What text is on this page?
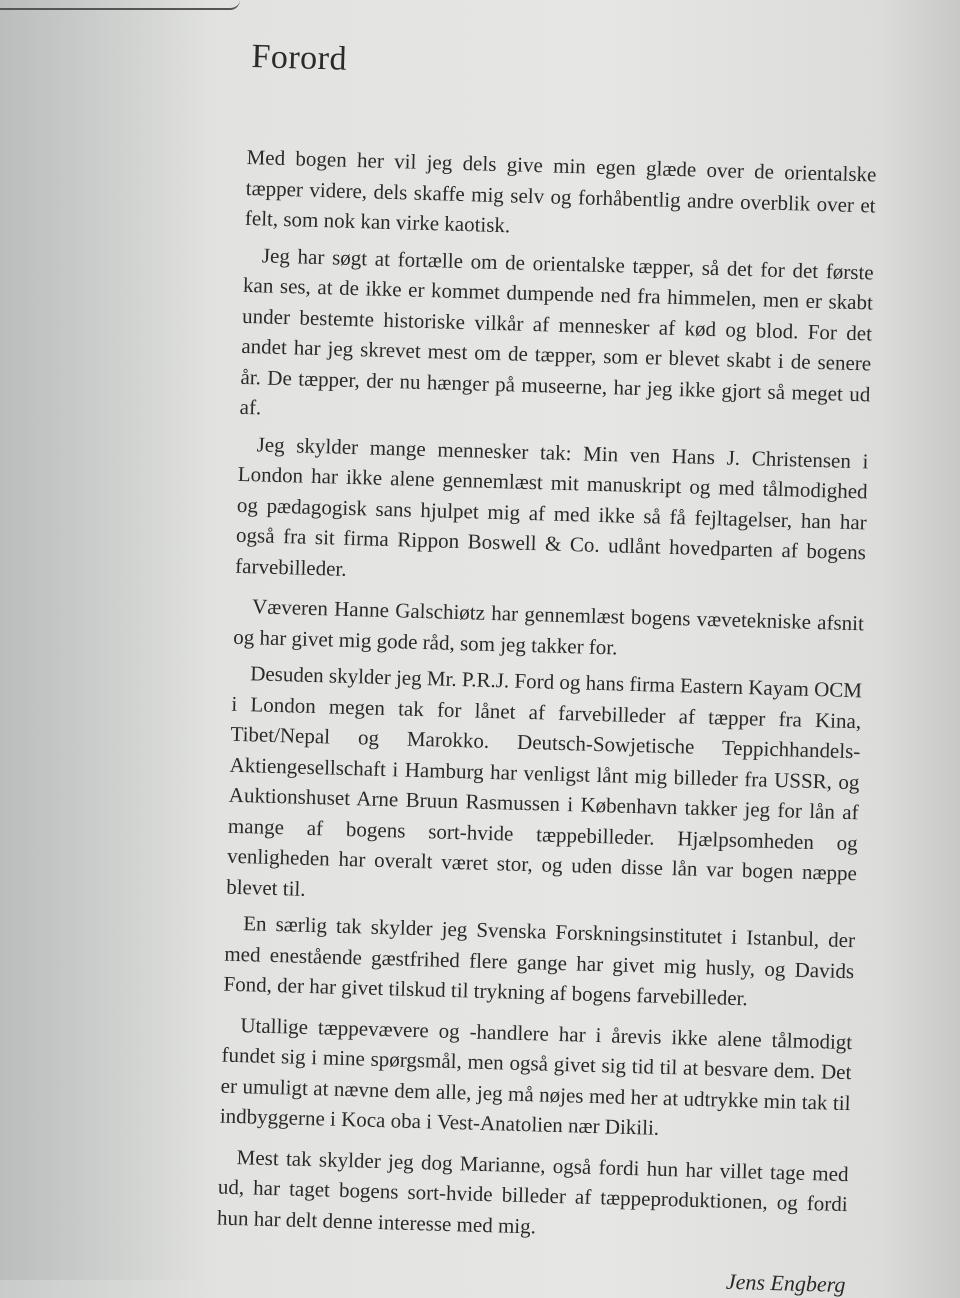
Forord

Med bogen her vil jeg dels give min egen glæde over de orientalske tæpper videre, dels skaffe mig selv og forhåbentlig andre overblik over et felt, som nok kan virke kaotisk.

Jeg har søgt at fortælle om de orientalske tæpper, så det for det første kan ses, at de ikke er kommet dumpende ned fra himmelen, men er skabt under bestemte historiske vilkår af mennesker af kød og blod. For det andet har jeg skrevet mest om de tæpper, som er blevet skabt i de senere år. De tæpper, der nu hænger på museerne, har jeg ikke gjort så meget ud af.

Jeg skylder mange mennesker tak: Min ven Hans J. Christensen i London har ikke alene gennemlæst mit manuskript og med tålmodighed og pædagogisk sans hjulpet mig af med ikke så få fejltagelser, han har også fra sit firma Rippon Boswell & Co. udlånt hovedparten af bogens farvebilleder.

Væveren Hanne Galschiøtz har gennemlæst bogens vævetekniske afsnit og har givet mig gode råd, som jeg takker for.

Desuden skylder jeg Mr. P.R.J. Ford og hans firma Eastern Kayam OCM i London megen tak for lånet af farvebilleder af tæpper fra Kina, Tibet/Nepal og Marokko. Deutsch-Sowjetische Teppichhandels-Aktiengesellschaft i Hamburg har venligst lånt mig billeder fra USSR, og Auktionshuset Arne Bruun Rasmussen i København takker jeg for lån af mange af bogens sort-hvide tæppebilleder. Hjælpsomheden og venligheden har overalt været stor, og uden disse lån var bogen næppe blevet til.

En særlig tak skylder jeg Svenska Forskningsinstitutet i Istanbul, der med enestående gæstfrihed flere gange har givet mig husly, og Davids Fond, der har givet tilskud til trykning af bogens farvebilleder.

Utallige tæppevævere og -handlere har i årevis ikke alene tålmodigt fundet sig i mine spørgsmål, men også givet sig tid til at besvare dem. Det er umuligt at nævne dem alle, jeg må nøjes med her at udtrykke min tak til indbyggerne i Koca oba i Vest-Anatolien nær Dikili.

Mest tak skylder jeg dog Marianne, også fordi hun har villet tage med ud, har taget bogens sort-hvide billeder af tæppeproduktionen, og fordi hun har delt denne interesse med mig.

Jens Engberg
